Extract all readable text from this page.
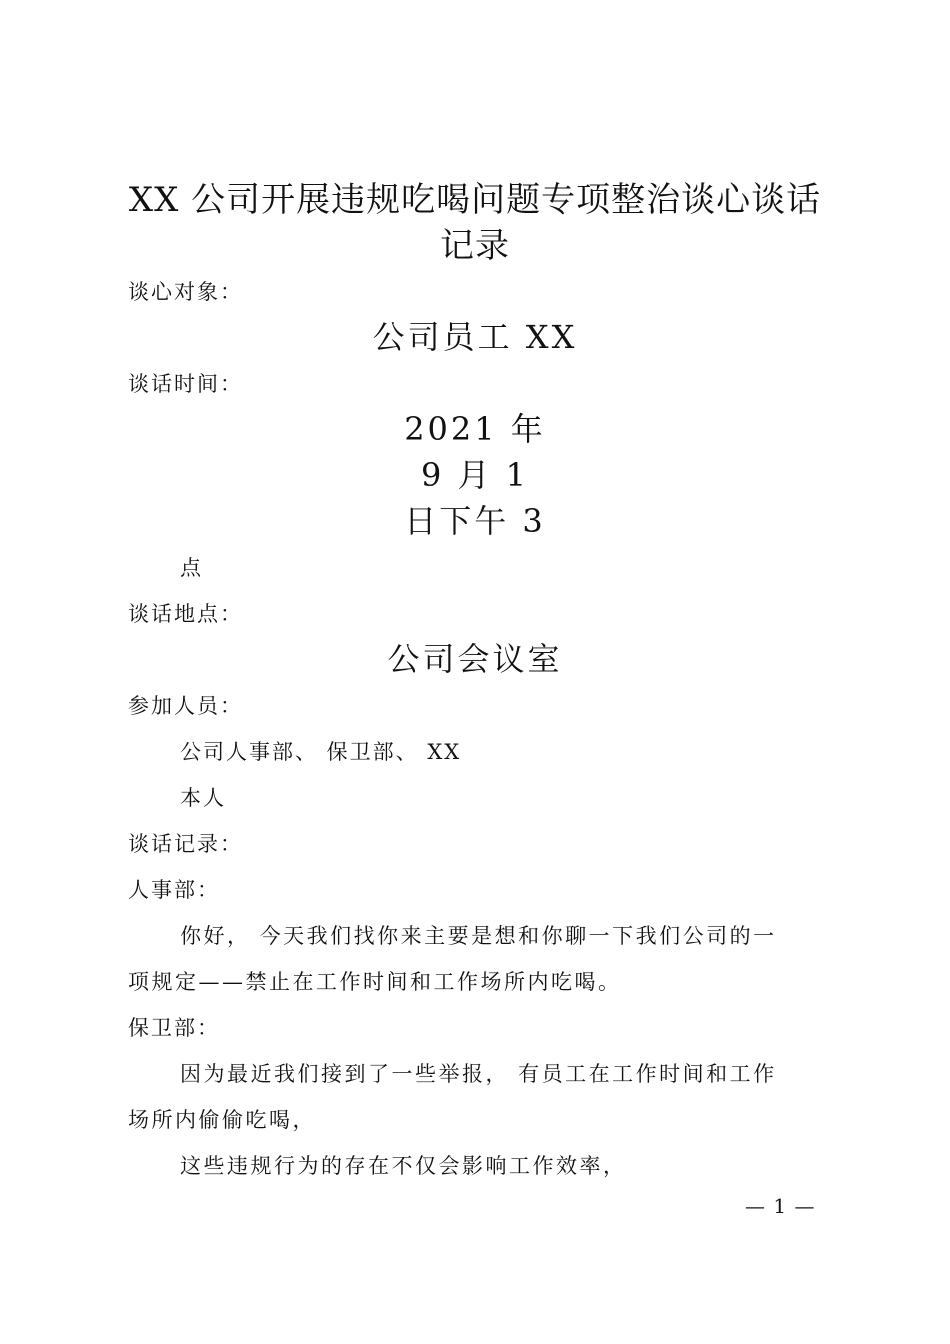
XX 公司开展违规吃喝问题专项整治谈心谈话
记录
谈心对象：
公司员工 XX
谈话时间：
2021 年
9 月 1
日下午 3
点
谈话地点：
公司会议室
参加人员：
公司人事部、 保卫部、 XX
本人
谈话记录：
人事部：
你好， 今天我们找你来主要是想和你聊一下我们公司的一
项规定——禁止在工作时间和工作场所内吃喝。
保卫部：
因为最近我们接到了一些举报， 有员工在工作时间和工作
场所内偷偷吃喝，
这些违规行为的存在不仅会影响工作效率，
— 1 —
